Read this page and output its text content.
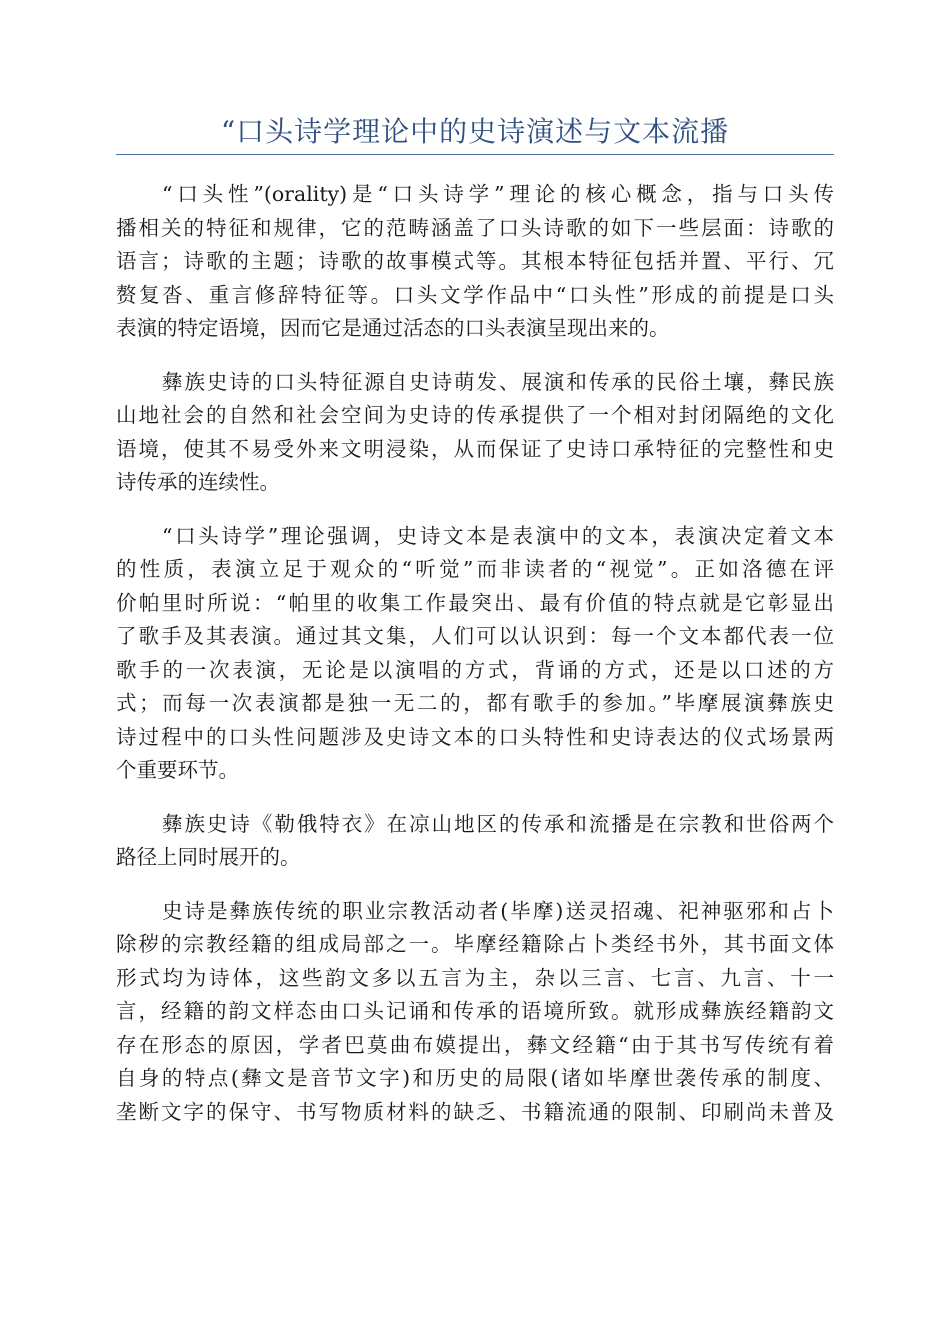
“口头诗学理论中的史诗演述与文本流播

“口头性”(orality)是“口头诗学”理论的核心概念，指与口头传
播相关的特征和规律，它的范畴涵盖了口头诗歌的如下一些层面：诗歌的
语言；诗歌的主题；诗歌的故事模式等。其根本特征包括并置、平行、冗
赘复沓、重言修辞特征等。口头文学作品中“口头性”形成的前提是口头
表演的特定语境，因而它是通过活态的口头表演呈现出来的。

彝族史诗的口头特征源自史诗萌发、展演和传承的民俗土壤，彝民族
山地社会的自然和社会空间为史诗的传承提供了一个相对封闭隔绝的文化
语境，使其不易受外来文明浸染，从而保证了史诗口承特征的完整性和史
诗传承的连续性。

“口头诗学”理论强调，史诗文本是表演中的文本，表演决定着文本
的性质，表演立足于观众的“听觉”而非读者的“视觉”。正如洛德在评
价帕里时所说：“帕里的收集工作最突出、最有价值的特点就是它彰显出
了歌手及其表演。通过其文集，人们可以认识到：每一个文本都代表一位
歌手的一次表演，无论是以演唱的方式，背诵的方式，还是以口述的方
式；而每一次表演都是独一无二的，都有歌手的参加。”毕摩展演彝族史
诗过程中的口头性问题涉及史诗文本的口头特性和史诗表达的仪式场景两
个重要环节。

彝族史诗《勒俄特衣》在凉山地区的传承和流播是在宗教和世俗两个
路径上同时展开的。

史诗是彝族传统的职业宗教活动者(毕摩)送灵招魂、祀神驱邪和占卜
除秽的宗教经籍的组成局部之一。毕摩经籍除占卜类经书外，其书面文体
形式均为诗体，这些韵文多以五言为主，杂以三言、七言、九言、十一
言，经籍的韵文样态由口头记诵和传承的语境所致。就形成彝族经籍韵文
存在形态的原因，学者巴莫曲布嫫提出，彝文经籍“由于其书写传统有着
自身的特点(彝文是音节文字)和历史的局限(诸如毕摩世袭传承的制度、
垄断文字的保守、书写物质材料的缺乏、书籍流通的限制、印刷尚未普及
